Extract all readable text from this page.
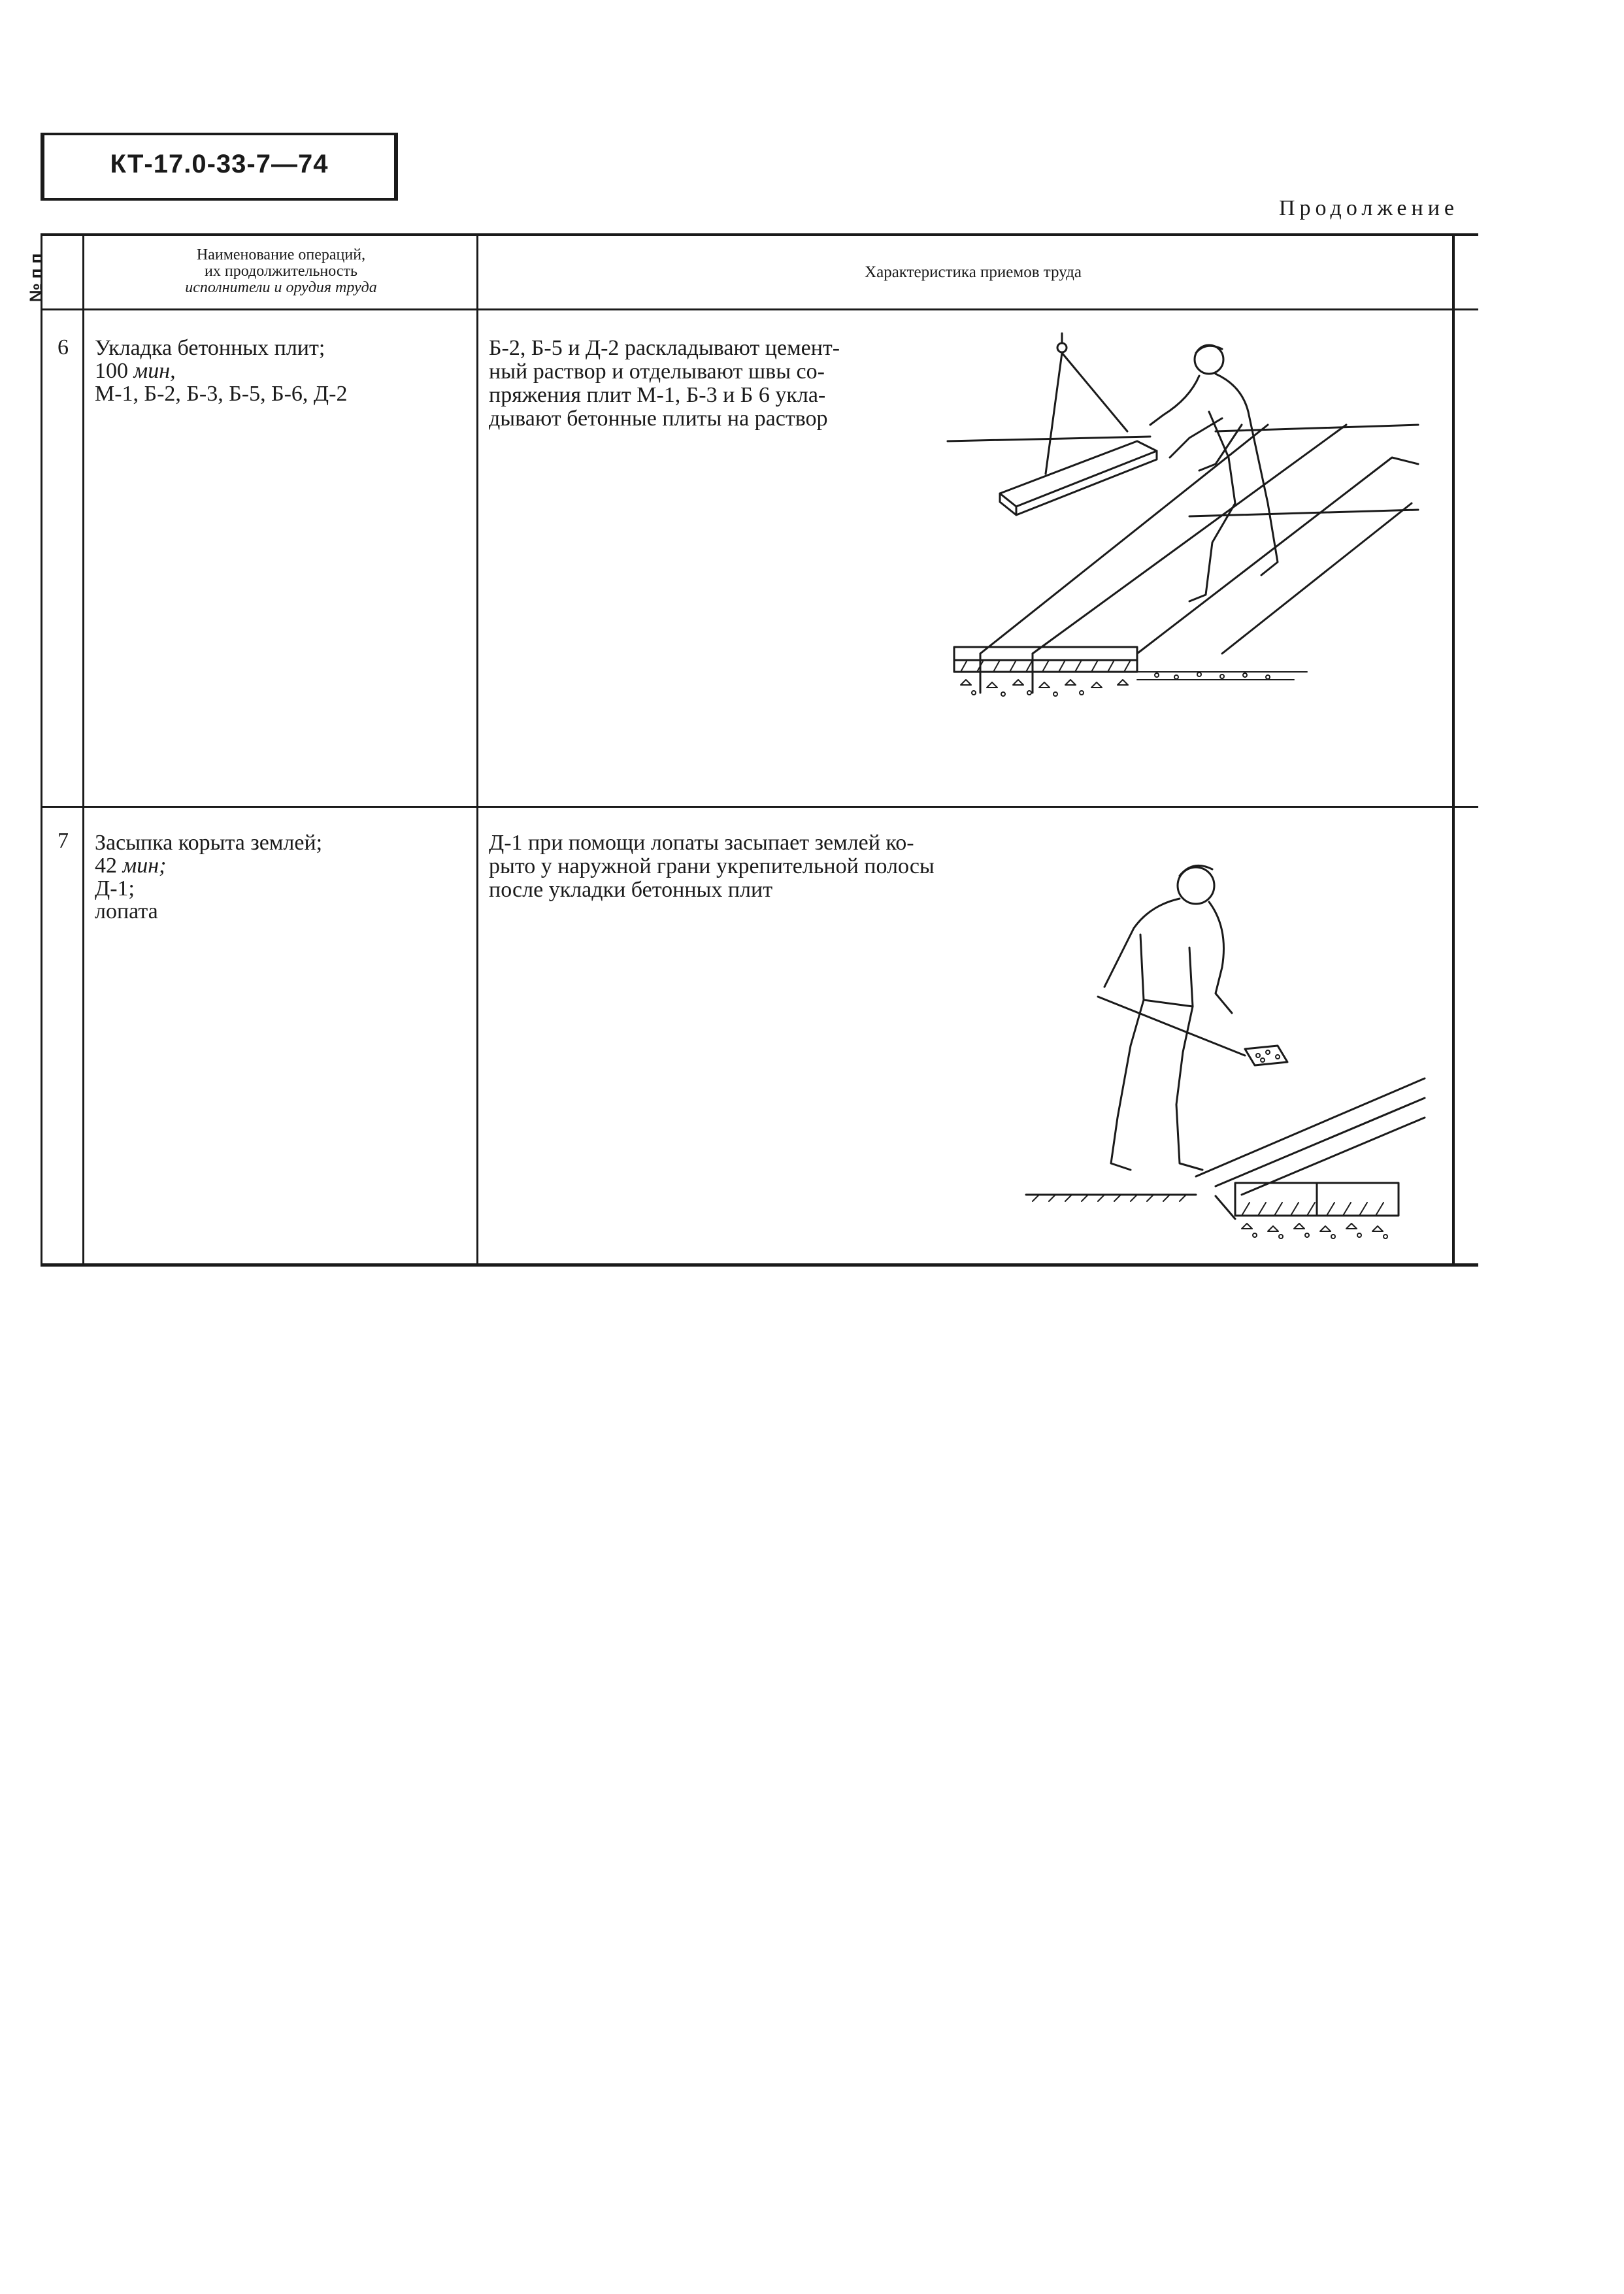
КТ-17.0-33-7—74
Продолжение
№ п п	Наименование операций,
их продолжительность
исполнители и орудия труда
Характеристика приемов труда
6 Укладка бетонных плит;
100 мин,
М-1, Б-2, Б-3, Б-5, Б-6, Д-2
Б-2, Б-5 и Д-2 раскладывают цемент-
ный раствор и отделывают швы со-
пряжения плит М-1, Б-3 и Б 6 укла-
дывают бетонные плиты на раствор
7 Засыпка корыта землей;
42 мин;
Д-1;
лопата
Д-1 при помощи лопаты засыпает землей ко-
рыто у наружной грани укрепительной полосы
после укладки бетонных плит
